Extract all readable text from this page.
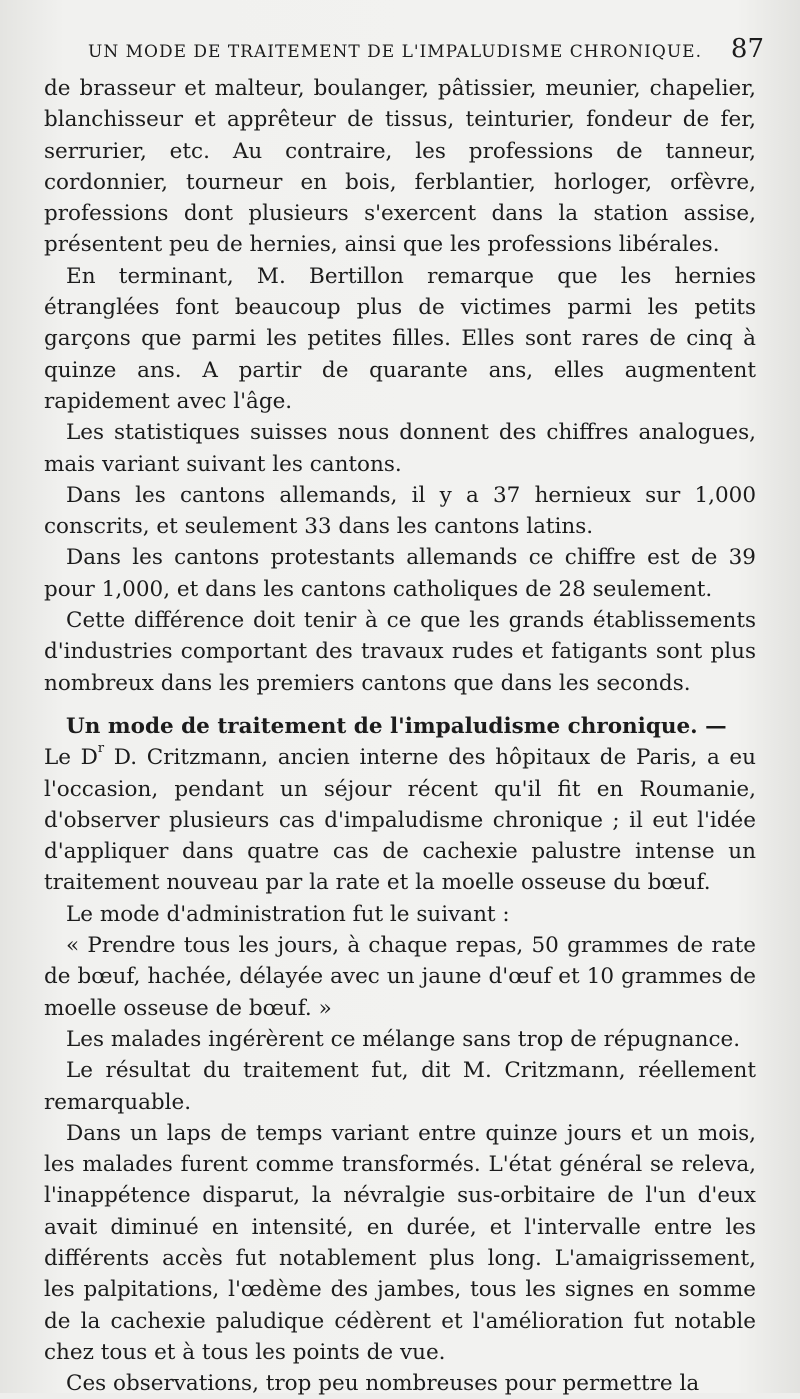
UN MODE DE TRAITEMENT DE L'IMPALUDISME CHRONIQUE. 87

de brasseur et malteur, boulanger, pâtissier, meunier, chapelier, blanchisseur et apprêteur de tissus, teinturier, fondeur de fer, serrurier, etc. Au contraire, les professions de tanneur, cordonnier, tourneur en bois, ferblantier, horloger, orfèvre, professions dont plusieurs s'exercent dans la station assise, présentent peu de hernies, ainsi que les professions libérales.

En terminant, M. Bertillon remarque que les hernies étranglées font beaucoup plus de victimes parmi les petits garçons que parmi les petites filles. Elles sont rares de cinq à quinze ans. A partir de quarante ans, elles augmentent rapidement avec l'âge.

Les statistiques suisses nous donnent des chiffres analogues, mais variant suivant les cantons.

Dans les cantons allemands, il y a 37 hernieux sur 1,000 conscrits, et seulement 33 dans les cantons latins.

Dans les cantons protestants allemands ce chiffre est de 39 pour 1,000, et dans les cantons catholiques de 28 seulement.

Cette différence doit tenir à ce que les grands établissements d'industries comportant des travaux rudes et fatigants sont plus nombreux dans les premiers cantons que dans les seconds.

Un mode de traitement de l'impaludisme chronique. —

Le $D^r$ D. Critzmann, ancien interne des hôpitaux de Paris, a eu l'occasion, pendant un séjour récent qu'il fit en Roumanie, d'observer plusieurs cas d'impaludisme chronique ; il eut l'idée d'appliquer dans quatre cas de cachexie palustre intense un traitement nouveau par la rate et la moelle osseuse du bœuf.

Le mode d'administration fut le suivant :

« Prendre tous les jours, à chaque repas, 50 grammes de rate de bœuf, hachée, délayée avec un jaune d'œuf et 10 grammes de moelle osseuse de bœuf. »

Les malades ingérèrent ce mélange sans trop de répugnance.

Le résultat du traitement fut, dit M. Critzmann, réellement remarquable.

Dans un laps de temps variant entre quinze jours et un mois, les malades furent comme transformés. L'état général se releva, l'inappétence disparut, la névralgie sus-orbitaire de l'un d'eux avait diminué en intensité, en durée, et l'intervalle entre les différents accès fut notablement plus long. L'amaigrissement, les palpitations, l'œdème des jambes, tous les signes en somme de la cachexie paludique cédèrent et l'amélioration fut notable chez tous et à tous les points de vue.

Ces observations, trop peu nombreuses pour permettre la
